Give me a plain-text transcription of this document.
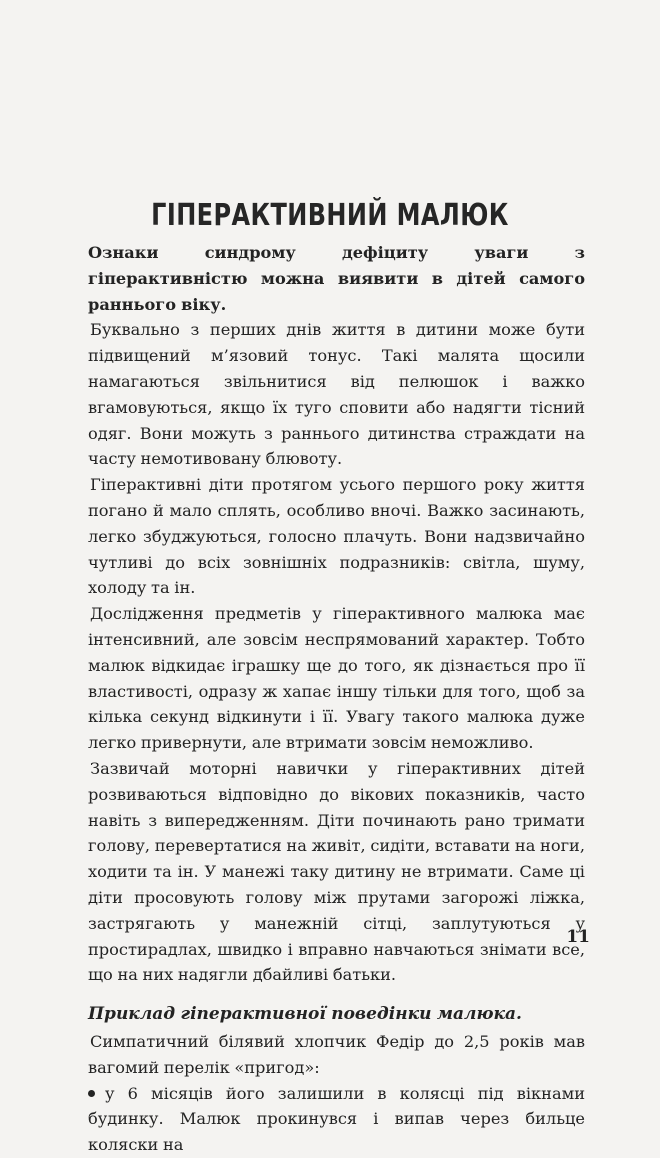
ГІПЕРАКТИВНИЙ МАЛЮК

Ознаки синдрому дефіциту уваги з гіперактивністю можна виявити в дітей самого раннього віку.

Буквально з перших днів життя в дитини може бути підвищений м’язовий тонус. Такі малята щосили намагаються звільнитися від пелюшок і важко вгамовуються, якщо їх туго сповити або надягти тісний одяг. Вони можуть з раннього дитинства страждати на часту немотивовану блювоту.

Гіперактивні діти протягом усього першого року життя погано й мало сплять, особливо вночі. Важко засинають, легко збуджуються, голосно плачуть. Вони надзвичайно чутливі до всіх зовнішніх подразників: світла, шуму, холоду та ін.

Дослідження предметів у гіперактивного малюка має інтенсивний, але зовсім неспрямований характер. Тобто малюк відкидає іграшку ще до того, як дізнається про її властивості, одразу ж хапає іншу тільки для того, щоб за кілька секунд відкинути і її. Увагу такого малюка дуже легко привернути, але втримати зовсім неможливо.

Зазвичай моторні навички у гіперактивних дітей розвиваються відповідно до вікових показників, часто навіть з випередженням. Діти починають рано тримати голову, перевертатися на живіт, сидіти, вставати на ноги, ходити та ін. У манежі таку дитину не втримати. Саме ці діти просовують голову між прутами загорожі ліжка, застрягають у манежній сітці, заплутуються у простирадлах, швидко і вправно навчаються знімати все, що на них надягли дбайливі батьки.

Приклад гіперактивної поведінки малюка.

Симпатичний білявий хлопчик Федір до 2,5 років мав вагомий перелік «пригод»:

у 6 місяців його залишили в колясці під вікнами будинку. Малюк прокинувся і випав через бильце коляски на

11
